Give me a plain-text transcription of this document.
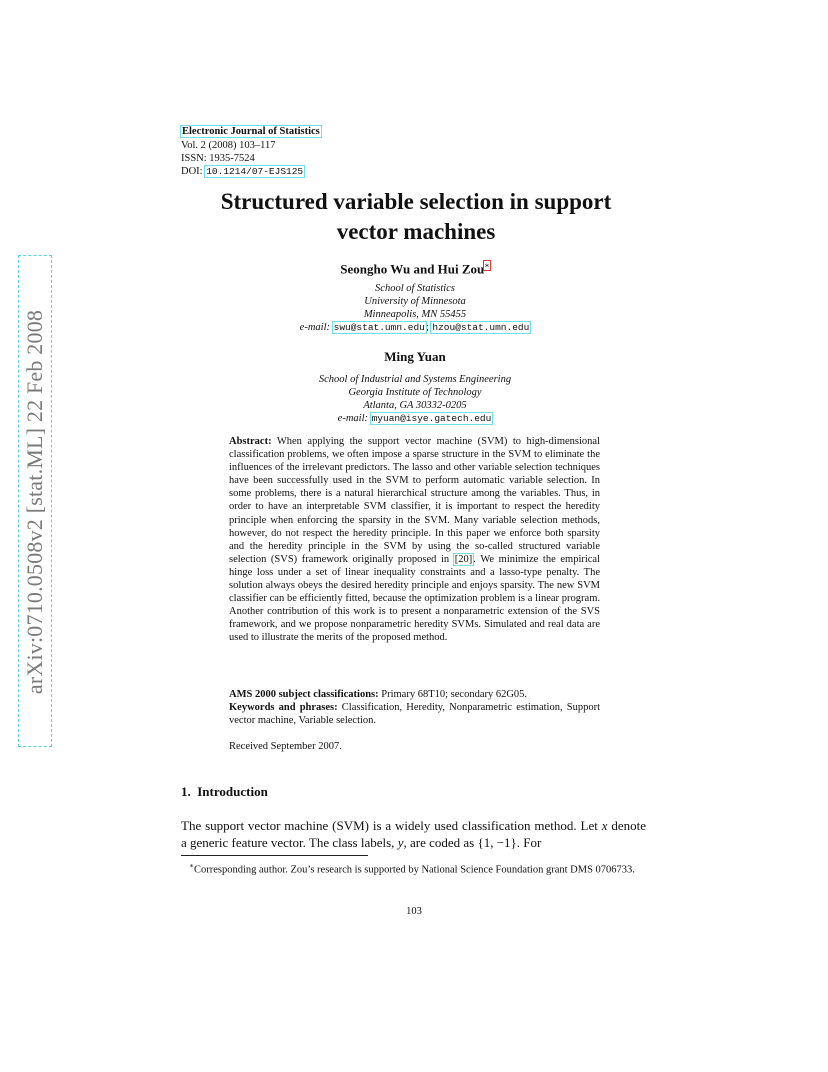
arXiv:0710.0508v2 [stat.ML] 22 Feb 2008
Electronic Journal of Statistics
Vol. 2 (2008) 103–117
ISSN: 1935-7524
DOI: 10.1214/07-EJS125
Structured variable selection in support
vector machines
Seongho Wu and Hui Zou∗
School of Statistics
University of Minnesota
Minneapolis, MN 55455
e-mail: swu@stat.umn.edu; hzou@stat.umn.edu
Ming Yuan
School of Industrial and Systems Engineering
Georgia Institute of Technology
Atlanta, GA 30332-0205
e-mail: myuan@isye.gatech.edu
Abstract: When applying the support vector machine (SVM) to high-dimensional classification problems, we often impose a sparse structure in the SVM to eliminate the influences of the irrelevant predictors. The lasso and other variable selection techniques have been successfully used in the SVM to perform automatic variable selection. In some problems, there is a natural hierarchical structure among the variables. Thus, in order to have an interpretable SVM classifier, it is important to respect the heredity principle when enforcing the sparsity in the SVM. Many variable selection methods, however, do not respect the heredity principle. In this paper we enforce both sparsity and the heredity principle in the SVM by using the so-called structured variable selection (SVS) framework originally proposed in [20]. We minimize the empirical hinge loss under a set of linear inequality constraints and a lasso-type penalty. The solution always obeys the desired heredity principle and enjoys sparsity. The new SVM classifier can be efficiently fitted, because the optimization problem is a linear program. Another contribution of this work is to present a nonparametric extension of the SVS framework, and we propose nonparametric heredity SVMs. Simulated and real data are used to illustrate the merits of the proposed method.
AMS 2000 subject classifications: Primary 68T10; secondary 62G05.
Keywords and phrases: Classification, Heredity, Nonparametric estimation, Support vector machine, Variable selection.
Received September 2007.
1. Introduction
The support vector machine (SVM) is a widely used classification method. Let x denote a generic feature vector. The class labels, y, are coded as {1, −1}. For
∗Corresponding author. Zou’s research is supported by National Science Foundation grant DMS 0706733.
103
